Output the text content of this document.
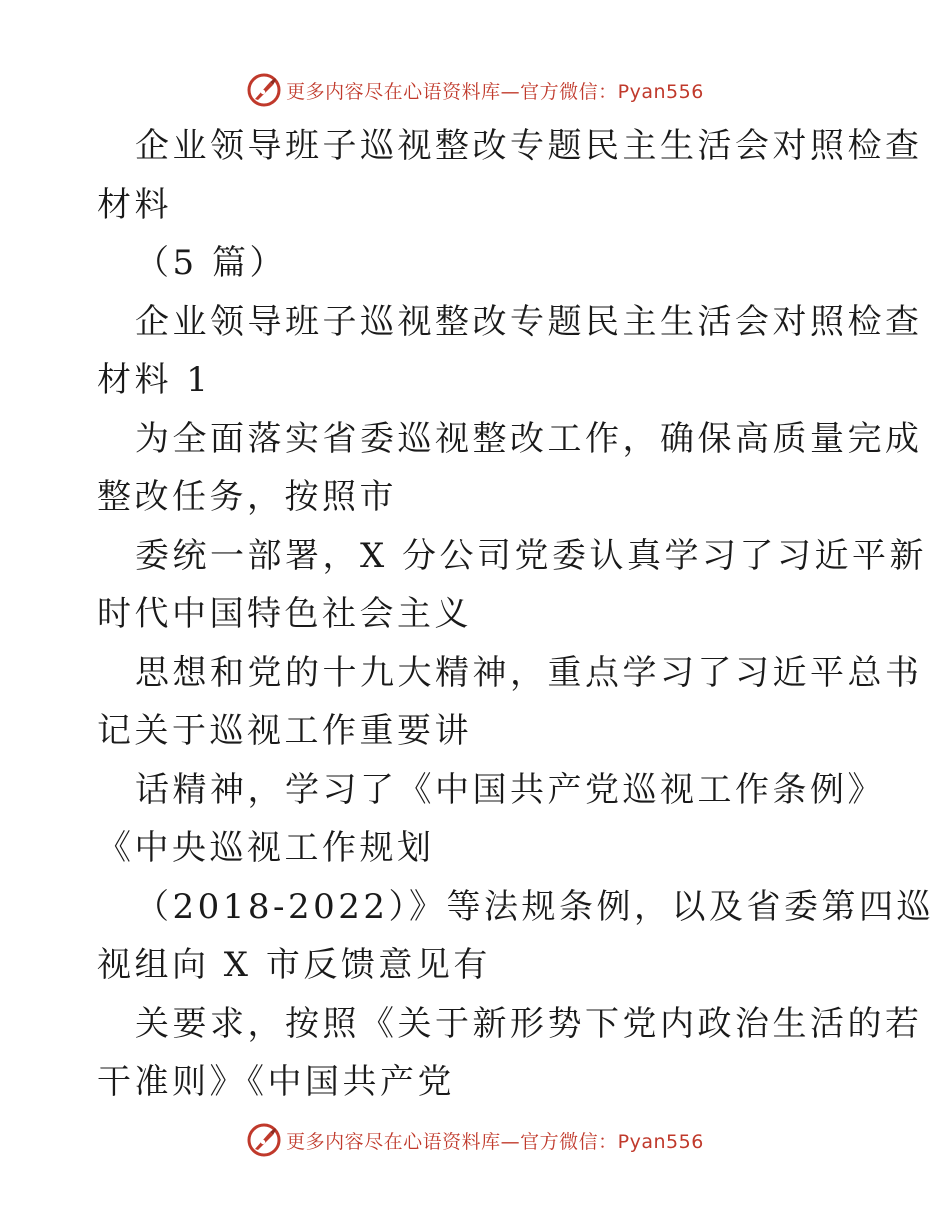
更多内容尽在心语资料库—官方微信：Pyan556
企业领导班子巡视整改专题民主生活会对照检查
材料
（5 篇）
企业领导班子巡视整改专题民主生活会对照检查
材料 1
为全面落实省委巡视整改工作，确保高质量完成
整改任务，按照市
委统一部署，X 分公司党委认真学习了习近平新
时代中国特色社会主义
思想和党的十九大精神，重点学习了习近平总书
记关于巡视工作重要讲
话精神，学习了《中国共产党巡视工作条例》
《中央巡视工作规划
（2018-2022）》等法规条例，以及省委第四巡
视组向 X 市反馈意见有
关要求，按照《关于新形势下党内政治生活的若
干准则》《中国共产党
更多内容尽在心语资料库—官方微信：Pyan556
